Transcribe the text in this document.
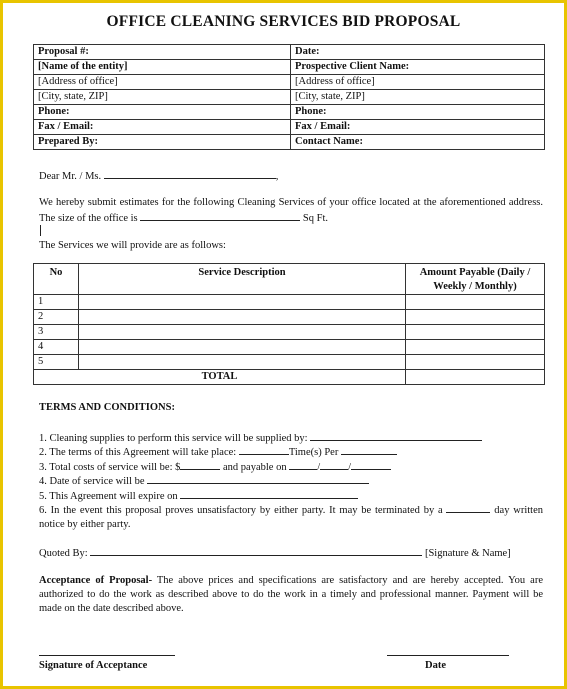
OFFICE CLEANING SERVICES BID PROPOSAL
Proposal #:	Date:
[Name of the entity]	Prospective Client Name:
[Address of office]	[Address of office]
[City, state, ZIP]	[City, state, ZIP]
Phone:	Phone:
Fax / Email:	Fax / Email:
Prepared By:	Contact Name:
Dear Mr. / Ms.	,
We hereby submit estimates for the following Cleaning Services of your office located at the aforementioned address. The size of the office is	Sq Ft.
The Services we will provide are as follows:
No	Service Description	Amount Payable (Daily / Weekly / Monthly)
1		
2		
3		
4		
5		
TOTAL		
TERMS AND CONDITIONS:
1. Cleaning supplies to perform this service will be supplied by:
2. The terms of this Agreement will take place:	Time(s) Per
3. Total costs of service will be: $	and payable on	/	/
4. Date of service will be
5. This Agreement will expire on
6. In the event this proposal proves unsatisfactory by either party. It may be terminated by a	day written notice by either party.
Quoted By:	[Signature & Name]
Acceptance of Proposal- The above prices and specifications are satisfactory and are hereby accepted. You are authorized to do the work as described above to do the work in a timely and professional manner. Payment will be made on the date described above.
Signature of Acceptance	Date
